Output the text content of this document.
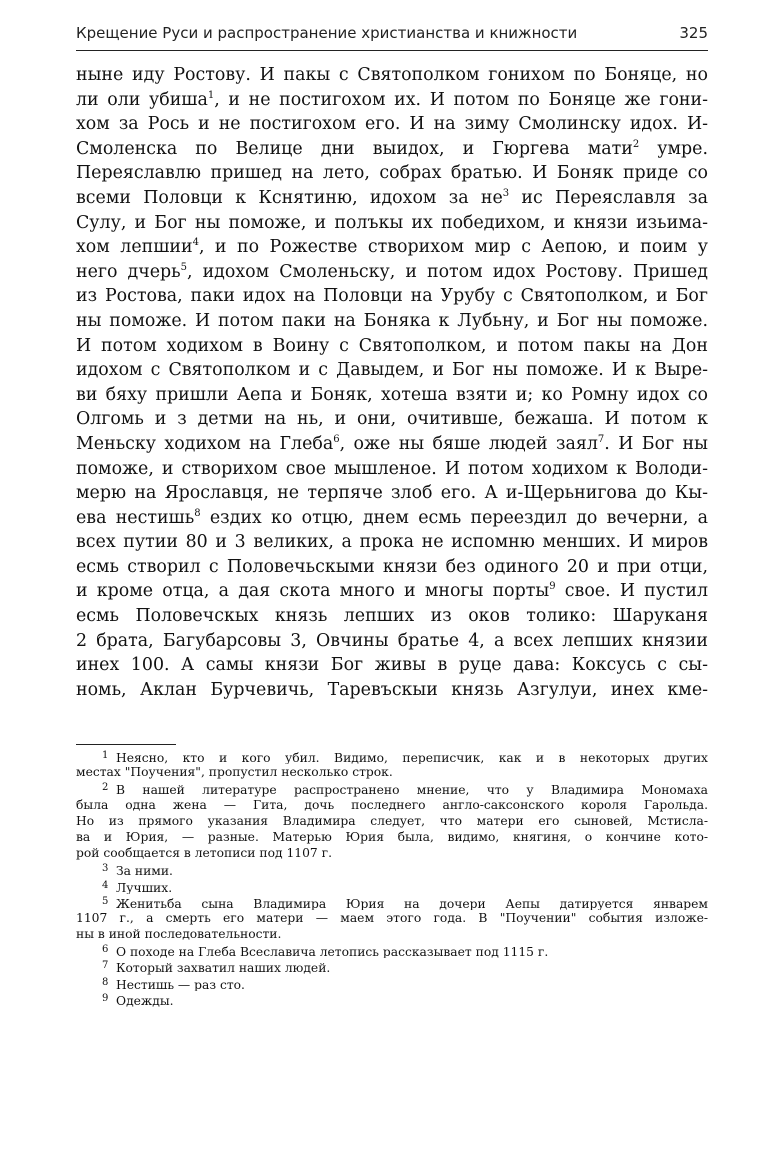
Крещение Руси и распространение христианства и книжности	325
ныне иду Ростову. И пакы с Святополком гонихом по Боняце, но
ли оли убиша$^1$, и не постигохом их. И потом по Боняце же гони-
хом за Рось и не постигохом его. И на зиму Смолинску идох. И-
Смоленска по Велице дни выидох, и Гюргева мати$^2$ умре.
Переяславлю пришед на лето, собрах братью. И Боняк приде со
всеми Половци к Кснятиню, идохом за $не^3$ ис Переяславля за
Сулу, и Бог ны поможе, и полъкы их победихом, и князи изьима-
хом лепшии$^4$, и по Рожестве створихом мир с Аепою, и поим у
него дчерь$^5$, идохом Смоленьску, и потом идох Ростову. Пришед
из Ростова, паки идох на Половци на Урубу с Святополком, и Бог
ны поможе. И потом паки на Боняка к Лубьну, и Бог ны поможе.
И потом ходихом в Воину с Святополком, и потом пакы на Дон
идохом с Святополком и с Давыдем, и Бог ны поможе. И к Выре-
ви бяху пришли Аепа и Боняк, хотеша взяти и; ко Ромну идох со
Олгомь и з детми на нь, и они, очитивше, бежаша. И потом к
Меньску ходихом на Глеба$^6$, оже ны бяше людей заял$^7$. И Бог ны
поможе, и створихом свое мышленое. И потом ходихом к Володи-
мерю на Ярославця, не терпяче злоб его. А и-Щерьнигова до Кы-
ева нестишь$^8$ ездих ко отцю, днем есмь переездил до вечерни, а
всех путии 80 и 3 великих, а прока не испомню менших. И миров
есмь створил с Половечьскыми князи без одиного 20 и при отци,
и кроме отца, а дая скота много и многы порты$^9$ свое. И пустил
есмь Половечскых князь лепших из оков толико: Шаруканя
2 брата, Багубарсовы 3, Овчины братье 4, а всех лепших князии
инех 100. А самы князи Бог живы в руце дава: Коксусь с сы-
номь, Аклан Бурчевичь, Таревъскыи князь Азгулуи, инех кме-
1 Неясно, кто и кого убил. Видимо, переписчик, как и в некоторых других
местах "Поучения", пропустил несколько строк.
2 В нашей литературе распространено мнение, что у Владимира Мономаха
была одна жена — Гита, дочь последнего англо-саксонского короля Гарольда.
Но из прямого указания Владимира следует, что матери его сыновей, Мстисла-
ва и Юрия, — разные. Матерью Юрия была, видимо, княгиня, о кончине кото-
рой сообщается в летописи под 1107 г.
3 За ними.
4 Лучших.
5 Женитьба сына Владимира Юрия на дочери Аепы датируется январем
1107 г., а смерть его матери — маем этого года. В "Поучении" события изложе-
ны в иной последовательности.
6 О походе на Глеба Всеславича летопись рассказывает под 1115 г.
7 Который захватил наших людей.
8 Нестишь — раз сто.
9 Одежды.
